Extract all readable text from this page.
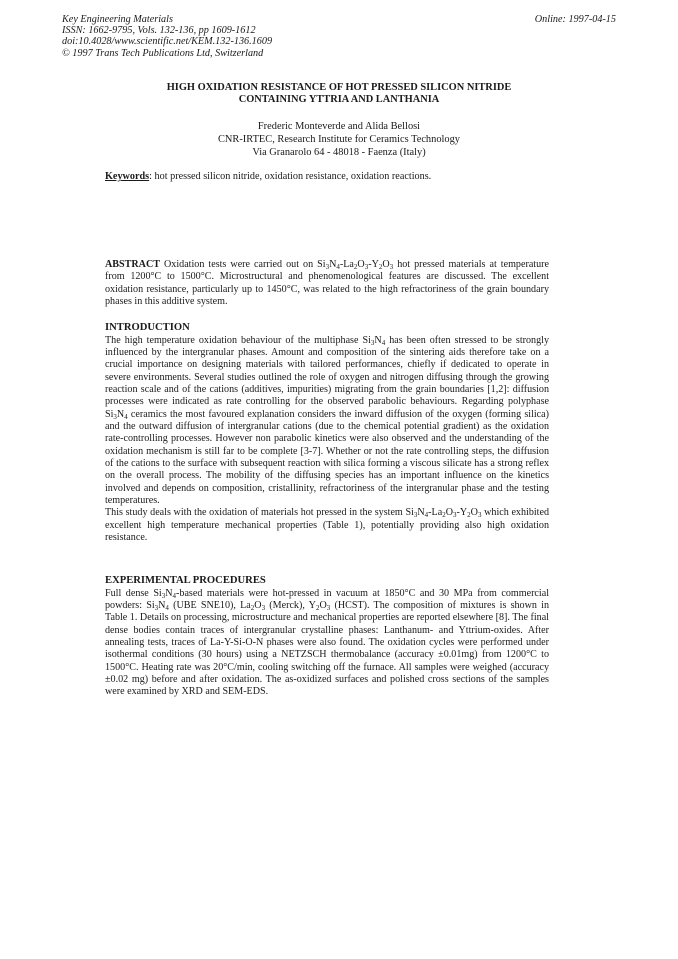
Key Engineering Materials
ISSN: 1662-9795, Vols. 132-136, pp 1609-1612
doi:10.4028/www.scientific.net/KEM.132-136.1609
© 1997 Trans Tech Publications Ltd, Switzerland
Online: 1997-04-15
HIGH OXIDATION RESISTANCE OF HOT PRESSED SILICON NITRIDE
CONTAINING YTTRIA AND LANTHANIA
Frederic Monteverde and Alida Bellosi
CNR-IRTEC, Research Institute for Ceramics Technology
Via Granarolo 64 - 48018 - Faenza (Italy)
Keywords: hot pressed silicon nitride, oxidation resistance, oxidation reactions.

ABSTRACT Oxidation tests were carried out on $Si_3N_4-La_2O_3-Y_2O_3$ hot pressed materials at temperature from 1200°C to 1500°C. Microstructural and phenomenological features are discussed. The excellent oxidation resistance, particularly up to 1450°C, was related to the high refractoriness of the grain boundary phases in this additive system.

INTRODUCTION

The high temperature oxidation behaviour of the multiphase $Si_3N_4$ has been often stressed to be strongly influenced by the intergranular phases. Amount and composition of the sintering aids therefore take on a crucial importance on designing materials with tailored performances, chiefly if dedicated to operate in severe environments. Several studies outlined the role of oxygen and nitrogen diffusing through the growing reaction scale and of the cations (additives, impurities) migrating from the grain boundaries [1,2]: diffusion processes were indicated as rate controlling for the observed parabolic behaviours. Regarding polyphase $Si_3N_4$ ceramics the most favoured explanation considers the inward diffusion of the oxygen (forming silica) and the outward diffusion of intergranular cations (due to the chemical potential gradient) as the oxidation rate-controlling processes. However non parabolic kinetics were also observed and the understanding of the oxidation mechanism is still far to be complete [3-7]. Whether or not the rate controlling steps, the diffusion of the cations to the surface with subsequent reaction with silica forming a viscous silicate has a strong reflex on the overall process. The mobility of the diffusing species has an important influence on the kinetics involved and depends on composition, cristallinity, refractoriness of the intergranular phase and the testing temperatures.

This study deals with the oxidation of materials hot pressed in the system $Si_3N_4-La_2O_3-Y_2O_3$ which exhibited excellent high temperature mechanical properties (Table 1), potentially providing also high oxidation resistance.

EXPERIMENTAL PROCEDURES

Full dense $Si_3N_4$-based materials were hot-pressed in vacuum at 1850°C and 30 MPa from commercial powders: $Si_3N_4$ (UBE SNE10), $La_2O_3$ (Merck), $Y_2O_3$ (HCST). The composition of mixtures is shown in Table 1. Details on processing, microstructure and mechanical properties are reported elsewhere [8]. The final dense bodies contain traces of intergranular crystalline phases: Lanthanum- and Yttrium-oxides. After annealing tests, traces of La-Y-Si-O-N phases were also found. The oxidation cycles were performed under isothermal conditions (30 hours) using a NETZSCH thermobalance (accuracy ±0.01mg) from 1200°C to 1500°C. Heating rate was 20°C/min, cooling switching off the furnace. All samples were weighed (accuracy ±0.02 mg) before and after oxidation. The as-oxidized surfaces and polished cross sections of the samples were examined by XRD and SEM-EDS.
